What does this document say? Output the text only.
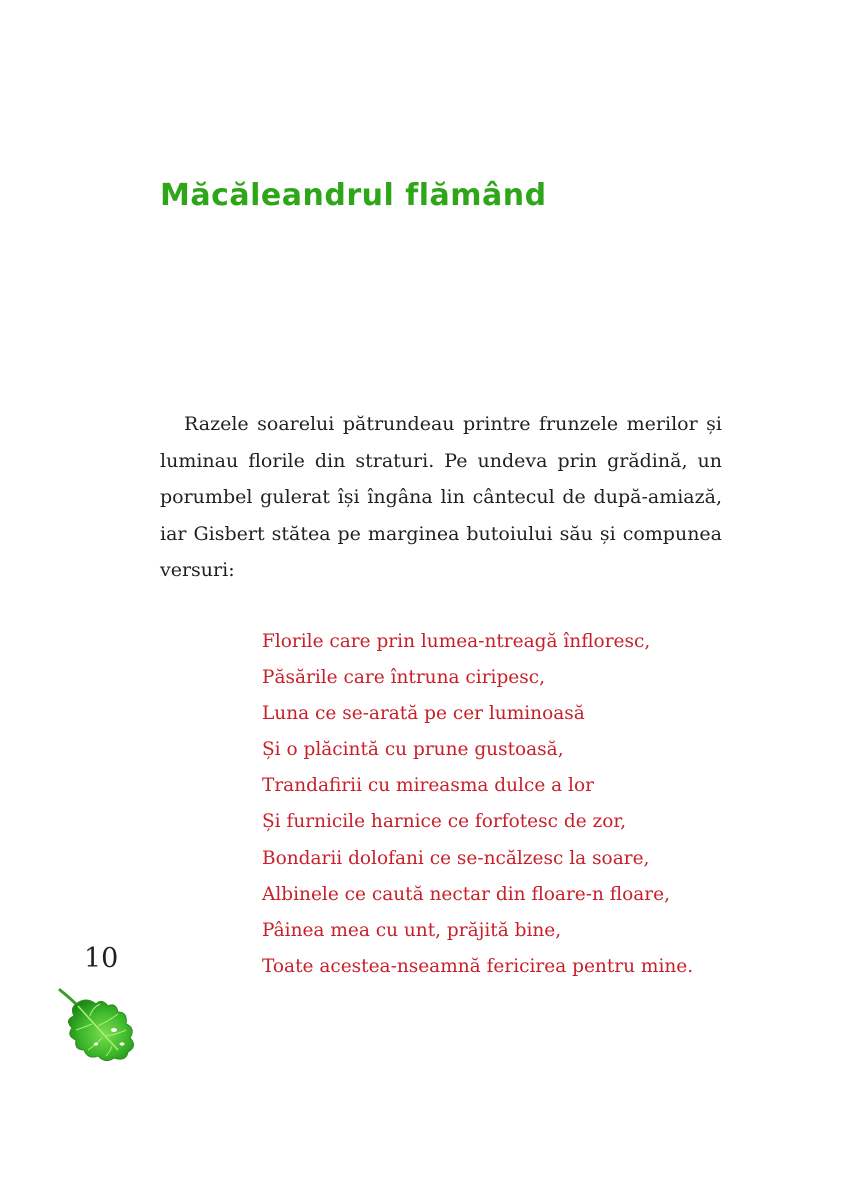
Măcăleandrul flămând

Razele soarelui pătrundeau printre frunzele merilor și luminau florile din straturi. Pe undeva prin grădină, un porumbel gulerat își îngâna lin cântecul de după-amiază, iar Gisbert stătea pe marginea butoiului său și compunea versuri:

Florile care prin lumea-ntreagă înfloresc,
Păsările care întruna ciripesc,
Luna ce se-arată pe cer luminoasă
Și o plăcintă cu prune gustoasă,
Trandafirii cu mireasma dulce a lor
Și furnicile harnice ce forfotesc de zor,
Bondarii dolofani ce se-ncălzesc la soare,
Albinele ce caută nectar din floare-n floare,
Pâinea mea cu unt, prăjită bine,
Toate acestea-nseamnă fericirea pentru mine.
10
